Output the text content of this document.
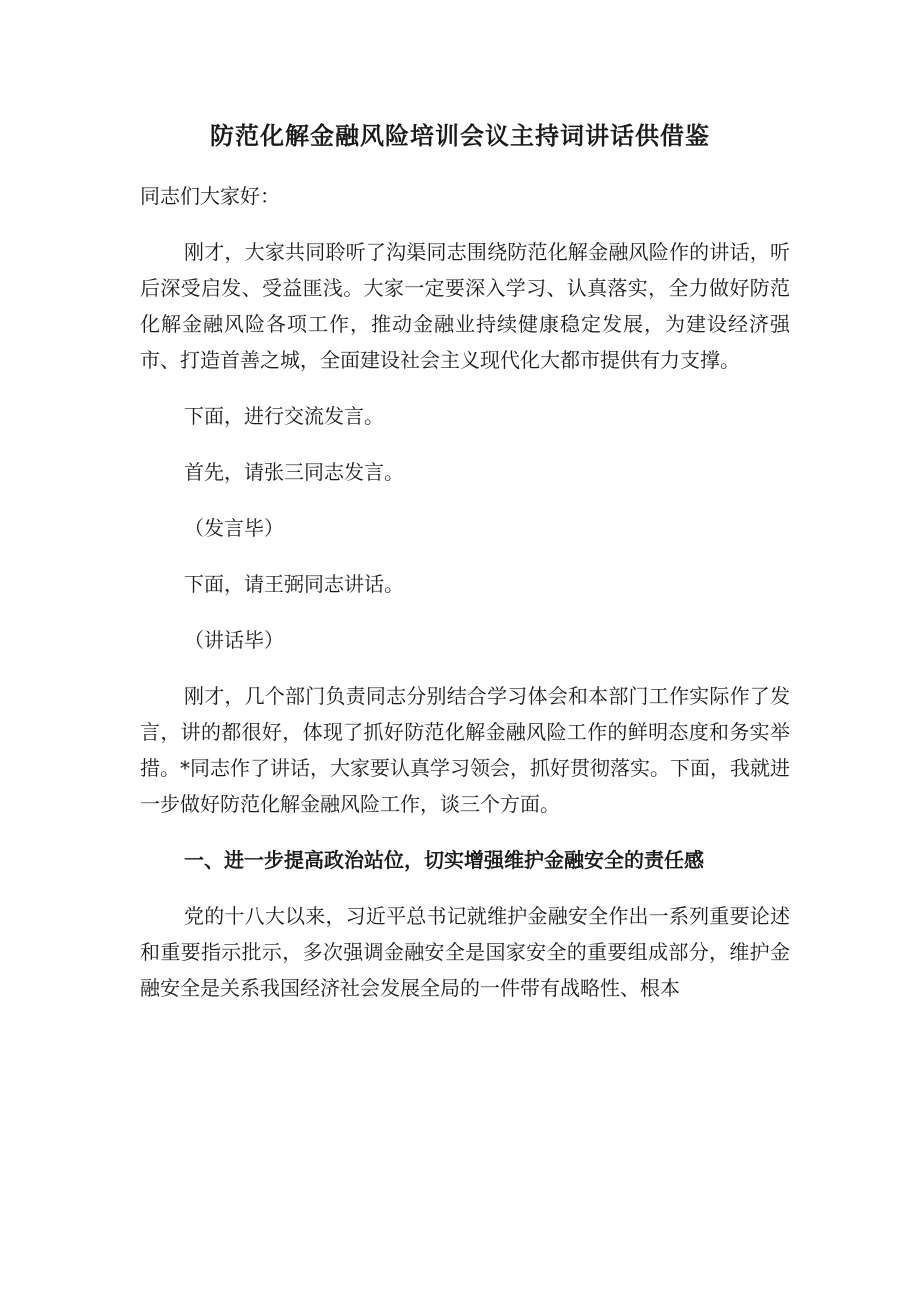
防范化解金融风险培训会议主持词讲话供借鉴

同志们大家好：

刚才，大家共同聆听了沟渠同志围绕防范化解金融风险作的讲话，听后深受启发、受益匪浅。大家一定要深入学习、认真落实，全力做好防范化解金融风险各项工作，推动金融业持续健康稳定发展，为建设经济强市、打造首善之城，全面建设社会主义现代化大都市提供有力支撑。

下面，进行交流发言。

首先，请张三同志发言。

（发言毕）

下面，请王弼同志讲话。

（讲话毕）

刚才，几个部门负责同志分别结合学习体会和本部门工作实际作了发言，讲的都很好，体现了抓好防范化解金融风险工作的鲜明态度和务实举措。*同志作了讲话，大家要认真学习领会，抓好贯彻落实。下面，我就进一步做好防范化解金融风险工作，谈三个方面。

一、进一步提高政治站位，切实增强维护金融安全的责任感

党的十八大以来，习近平总书记就维护金融安全作出一系列重要论述和重要指示批示，多次强调金融安全是国家安全的重要组成部分，维护金融安全是关系我国经济社会发展全局的一件带有战略性、根本
